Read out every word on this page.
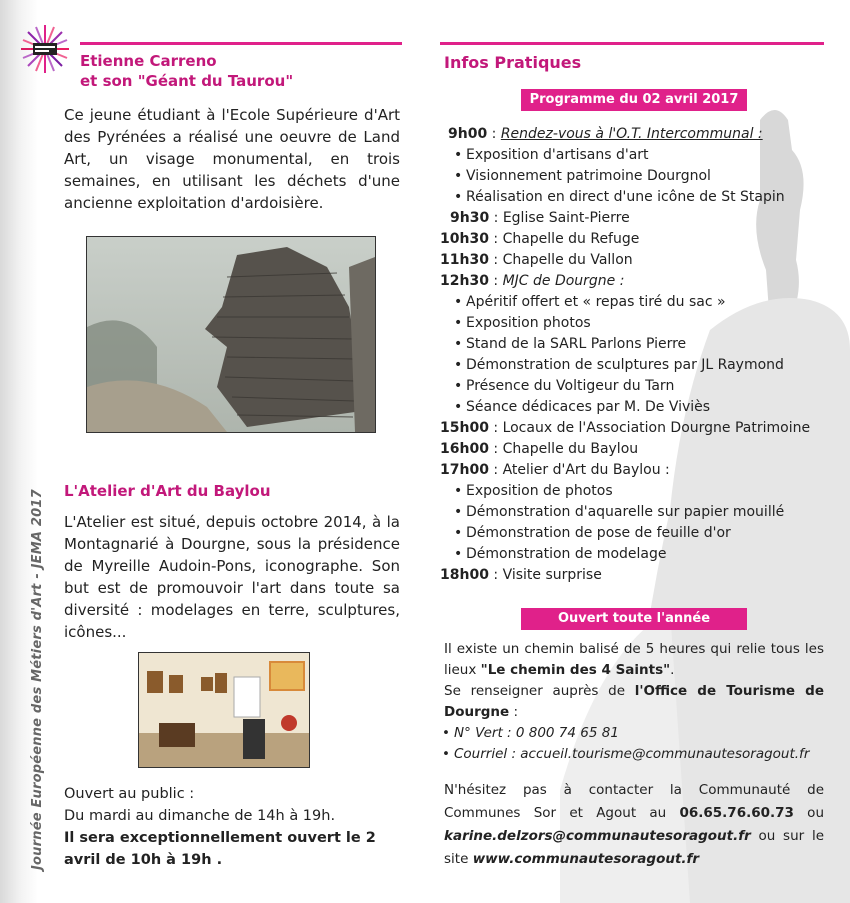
Journée Européenne des Métiers d'Art - JEMA 2017
Etienne Carreno
et son "Géant du Taurou"
Ce jeune étudiant à l'Ecole Supérieure d'Art des Pyrénées a réalisé une oeuvre de Land Art, un visage monumental, en trois semaines, en utilisant les déchets d'une ancienne exploitation d'ardoisière.
L'Atelier d'Art du Baylou
L'Atelier est situé, depuis octobre 2014, à la Montagnarié à Dourgne, sous la présidence de Myreille Audoin-Pons, iconographe. Son but est de promouvoir l'art dans toute sa diversité : modelages en terre, sculptures, icônes...
Ouvert au public :
Du mardi au dimanche de 14h à 19h.
Il sera exceptionnellement ouvert le 2 avril de 10h à 19h .
Infos Pratiques
Programme du 02 avril 2017
9h00 : Rendez-vous à l'O.T. Intercommunal :
• Exposition d'artisans d'art
• Visionnement patrimoine Dourgnol
• Réalisation en direct d'une icône de St Stapin
9h30 : Eglise Saint-Pierre
10h30 : Chapelle du Refuge
11h30 : Chapelle du Vallon
12h30 : MJC de Dourgne :
• Apéritif offert et « repas tiré du sac »
• Exposition photos
• Stand de la SARL Parlons Pierre
• Démonstration de sculptures par JL Raymond
• Présence du Voltigeur du Tarn
• Séance dédicaces par M. De Viviès
15h00 : Locaux de l'Association Dourgne Patrimoine
16h00 : Chapelle du Baylou
17h00 : Atelier d'Art du Baylou :
• Exposition de photos
• Démonstration d'aquarelle sur papier mouillé
• Démonstration de pose de feuille d'or
• Démonstration de modelage
18h00 : Visite surprise
Ouvert toute l'année
Il existe un chemin balisé de 5 heures qui relie tous les lieux "Le chemin des 4 Saints".
Se renseigner auprès de l'Office de Tourisme de Dourgne :
• N° Vert : 0 800 74 65 81
• Courriel : accueil.tourisme@communautesoragout.fr
N'hésitez pas à contacter la Communauté de Communes Sor et Agout au 06.65.76.60.73 ou karine.delzors@communautesoragout.fr ou sur le site www.communautesoragout.fr
